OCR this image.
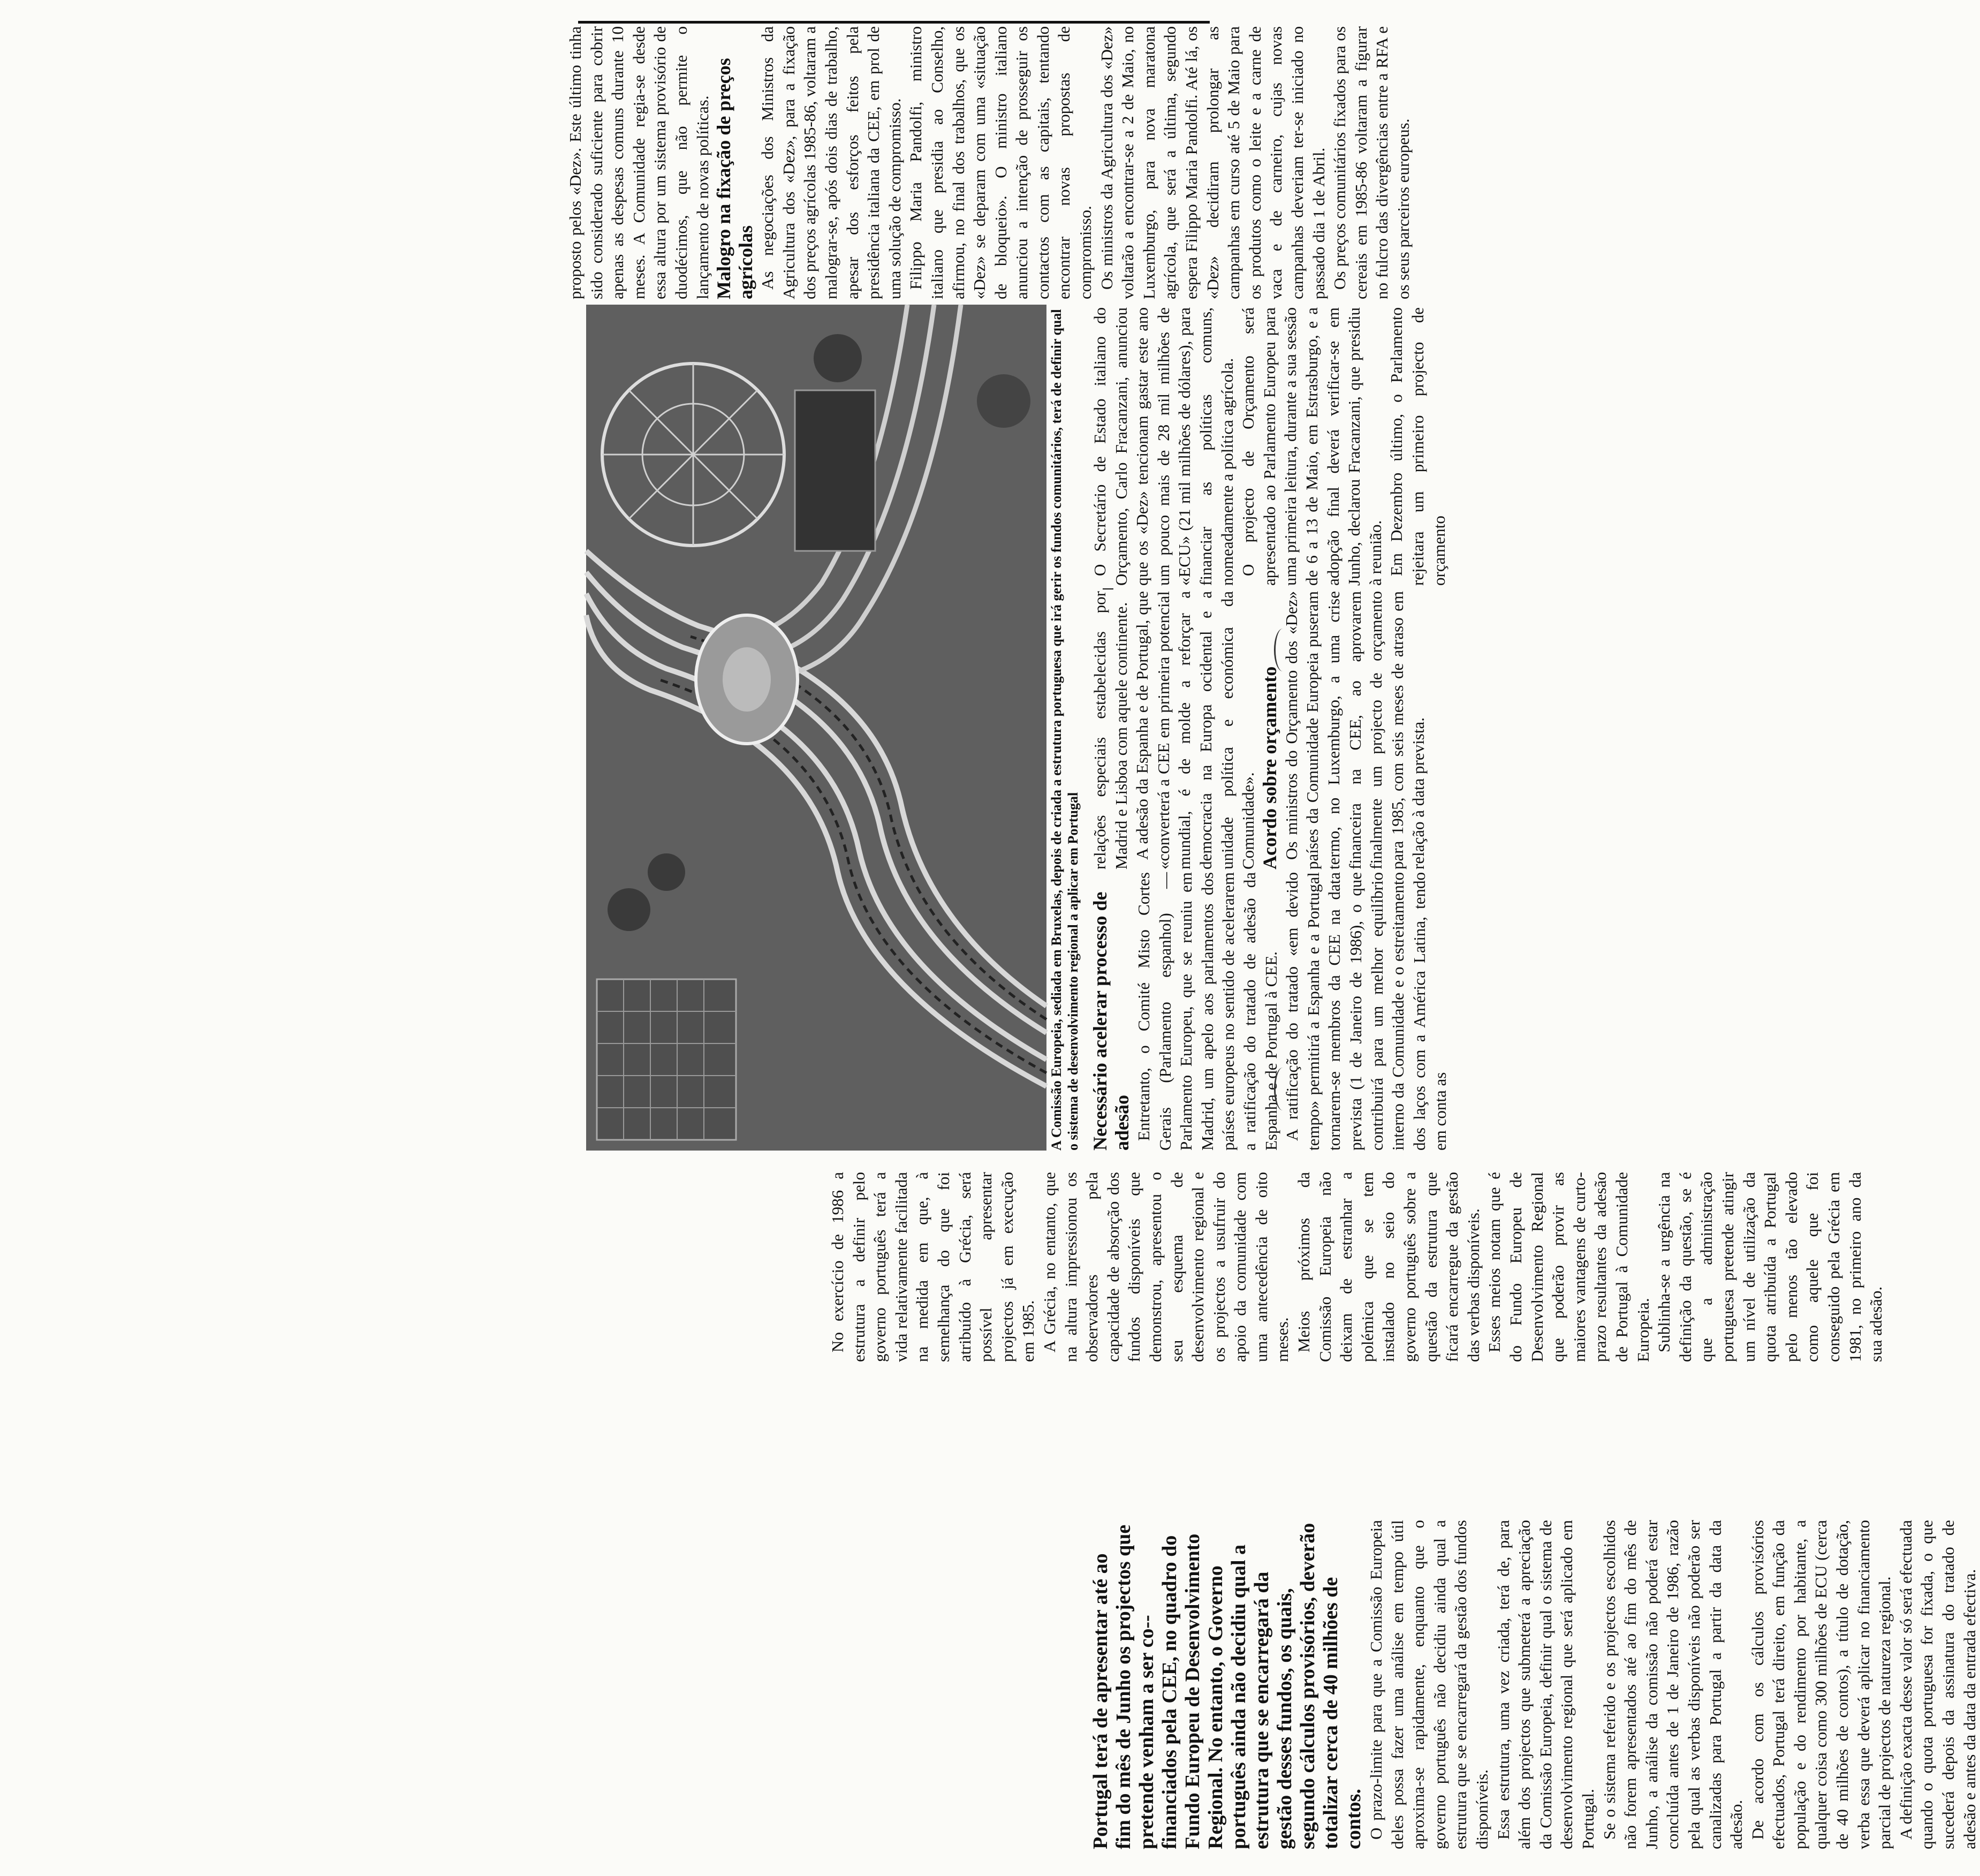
Portugal terá de apresentar até ao fim do mês de Junho os projectos que pretende venham a ser co--financiados pela CEE, no quadro do Fundo Europeu de Desenvolvimento Regional. No entanto, o Governo português ainda não decidiu qual a estrutura que se encarregará da gestão desses fundos, os quais, segundo cálculos provisórios, deverão totalizar cerca de 40 milhões de contos. O prazo-limite para que a Comissão Europeia deles possa fazer uma análise em tempo útil aproxima-se rapidamente, enquanto que o governo português não decidiu ainda qual a estrutura que se encarregará da gestão dos fundos disponíveis. Essa estrutura, uma vez criada, terá de, para além dos projectos que submeterá a apreciação da Comissão Europeia, definir qual o sistema de desenvolvimento regional que será aplicado em Portugal. Se o sistema referido e os projectos escolhidos não forem apresentados até ao fim do mês de Junho, a análise da comissão não poderá estar concluída antes de 1 de Janeiro de 1986, razão pela qual as verbas disponíveis não poderão ser canalizadas para Portugal a partir da data da adesão. De acordo com os cálculos provisórios efectuados, Portugal terá direito, em função da população e do rendimento por habitante, a qualquer coisa como 300 milhões de ECU (cerca de 40 milhões de contos), a título de dotação, verba essa que deverá aplicar no financiamento parcial de projectos de natureza regional. A definição exacta desse valor só será efectuada quando o quota portuguesa for fixada, o que sucederá depois da assinatura do tratado de adesão e antes da data da entrada efectiva.

No exercício de 1986 a estrutura a definir pelo governo português terá a vida relativamente facilitada na medida em que, à semelhança do que foi atribuído à Grécia, será possível apresentar projectos já em execução em 1985. A Grécia, no entanto, que na altura impressionou os observadores pela capacidade de absorção dos fundos disponíveis que demonstrou, apresentou o seu esquema de desenvolvimento regional e os projectos a usufruir do apoio da comunidade com uma antecedência de oito meses. Meios próximos da Comissão Europeia não deixam de estranhar a polémica que se tem instalado no seio do governo português sobre a questão da estrutura que ficará encarregue da gestão das verbas disponíveis. Esses meios notam que é do Fundo Europeu de Desenvolvimento Regional que poderão provir as maiores vantagens de curto-prazo resultantes da adesão de Portugal à Comunidade Europeia. Sublinha-se a urgência na definição da questão, se é que a administração portuguesa pretende atingir um nível de utilização da quota atribuída a Portugal pelo menos tão elevado como aquele que foi conseguido pela Grécia em 1981, no primeiro ano da sua adesão.

A Comissão Europeia, sediada em Bruxelas, depois de criada a estrutura portuguesa que irá gerir os fundos comunitários, terá de definir qual o sistema de desenvolvimento regional a aplicar em Portugal Necessário acelerar processo de adesão Entretanto, o Comité Misto Cortes Gerais (Parlamento espanhol) — Parlamento Europeu, que se reuniu em Madrid, um apelo aos parlamentos dos países europeus no sentido de acelerarem a ratificação do tratado de adesão da Espanha e de Portugal à CEE. A ratificação do tratado «em devido tempo» permitirá a Espanha e a Portugal tornarem-se membros da CEE na data prevista (1 de Janeiro de 1986), o que contribuirá para um melhor equilíbrio interno da Comunidade e o estreitamento dos laços com a América Latina, tendo em conta as

relações especiais estabelecidas por Madrid e Lisboa com aquele continente. A adesão da Espanha e de Portugal, que «converterá a CEE em primeira potencial mundial, é de molde a reforçar a democracia na Europa ocidental e a unidade política e económica da Comunidade». Acordo sobre orçamento Os ministros do Orçamento dos «Dez» países da Comunidade Europeia puseram termo, no Luxemburgo, a uma crise financeira na CEE, ao aprovarem finalmente um projecto de orçamento para 1985, com seis meses de atraso em relação à data prevista.

O Secretário de Estado italiano do Orçamento, Carlo Fracanzani, anunciou que os «Dez» tencionam gastar este ano um pouco mais de 28 mil milhões de «ECU» (21 mil milhões de dólares), para financiar as políticas comuns, nomeadamente a política agrícola. O projecto de Orçamento será apresentado ao Parlamento Europeu para uma primeira leitura, durante a sua sessão de 6 a 13 de Maio, em Estrasburgo, e a adopção final deverá verificar-se em Junho, declarou Fracanzani, que presidiu à reunião. Em Dezembro último, o Parlamento rejeitara um primeiro projecto de orçamento

proposto pelos «Dez». Este último tinha sido considerado suficiente para cobrir apenas as despesas comuns durante 10 meses. A Comunidade regia-se desde essa altura por um sistema provisório de duodécimos, que não permite o lançamento de novas políticas. Malogro na fixação de preços agrícolas As negociações dos Ministros da Agricultura dos «Dez», para a fixação dos preços agrícolas 1985-86, voltaram a malograr-se, após dois dias de trabalho, apesar dos esforços feitos pela presidência italiana da CEE, em prol de uma solução de compromisso. Filippo Maria Pandolfi, ministro italiano que presidia ao Conselho, afirmou, no final dos trabalhos, que os «Dez» se deparam com uma «situação de bloqueio». O ministro italiano anunciou a intenção de prosseguir os contactos com as capitais, tentando encontrar novas propostas de compromisso. Os ministros da Agricultura dos «Dez» voltarão a encontrar-se a 2 de Maio, no Luxemburgo, para nova maratona agrícola, que será a última, segundo espera Filippo Maria Pandolfi. Até lá, os «Dez» decidiram prolongar as campanhas em curso até 5 de Maio para os produtos como o leite e a carne de vaca e de carneiro, cujas novas campanhas deveriam ter-se iniciado no passado dia 1 de Abril. Os preços comunitários fixados para os cereais em 1985-86 voltaram a figurar no fulcro das divergências entre a RFA e os seus parceiros europeus.
